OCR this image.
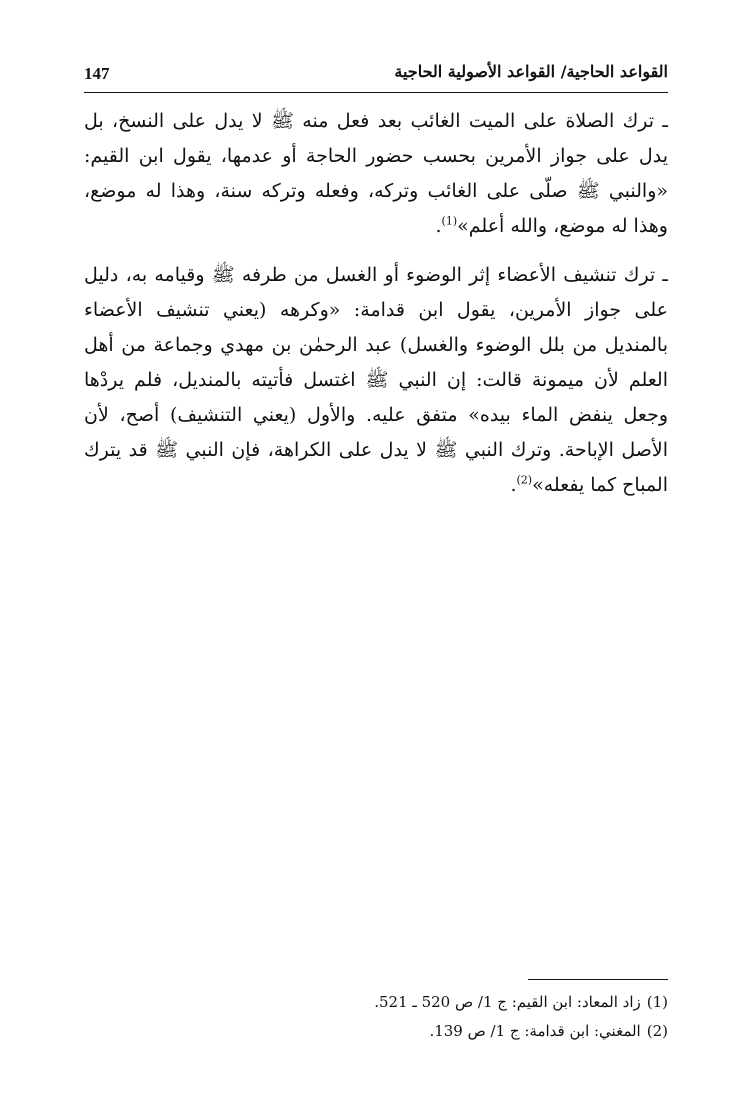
147	القواعد الحاجية/ القواعد الأصولية الحاجية

ـ ترك الصلاة على الميت الغائب بعد فعل منه ﷺ لا يدل على النسخ، بل يدل على جواز الأمرين بحسب حضور الحاجة أو عدمها، يقول ابن القيم: «والنبي ﷺ صلّى على الغائب وتركه، وفعله وتركه سنة، وهذا له موضع، وهذا له موضع، والله أعلم»$^{(1)}$.

ـ ترك تنشيف الأعضاء إثر الوضوء أو الغسل من طرفه ﷺ وقيامه به، دليل على جواز الأمرين، يقول ابن قدامة: «وكرهه (يعني تنشيف الأعضاء بالمنديل من بلل الوضوء والغسل) عبد الرحمٰن بن مهدي وجماعة من أهل العلم لأن ميمونة قالت: إن النبي ﷺ اغتسل فأتيته بالمنديل، فلم يردْها وجعل ينفض الماء بيده» متفق عليه. والأول (يعني التنشيف) أصح، لأن الأصل الإباحة. وترك النبي ﷺ لا يدل على الكراهة، فإن النبي ﷺ قد يترك المباح كما يفعله»$^{(2)}$.

(1)
زاد المعاد: ابن القيم: ج 1/ ص 520 ـ 521.
(2)
المغني: ابن قدامة: ج 1/ ص 139.
